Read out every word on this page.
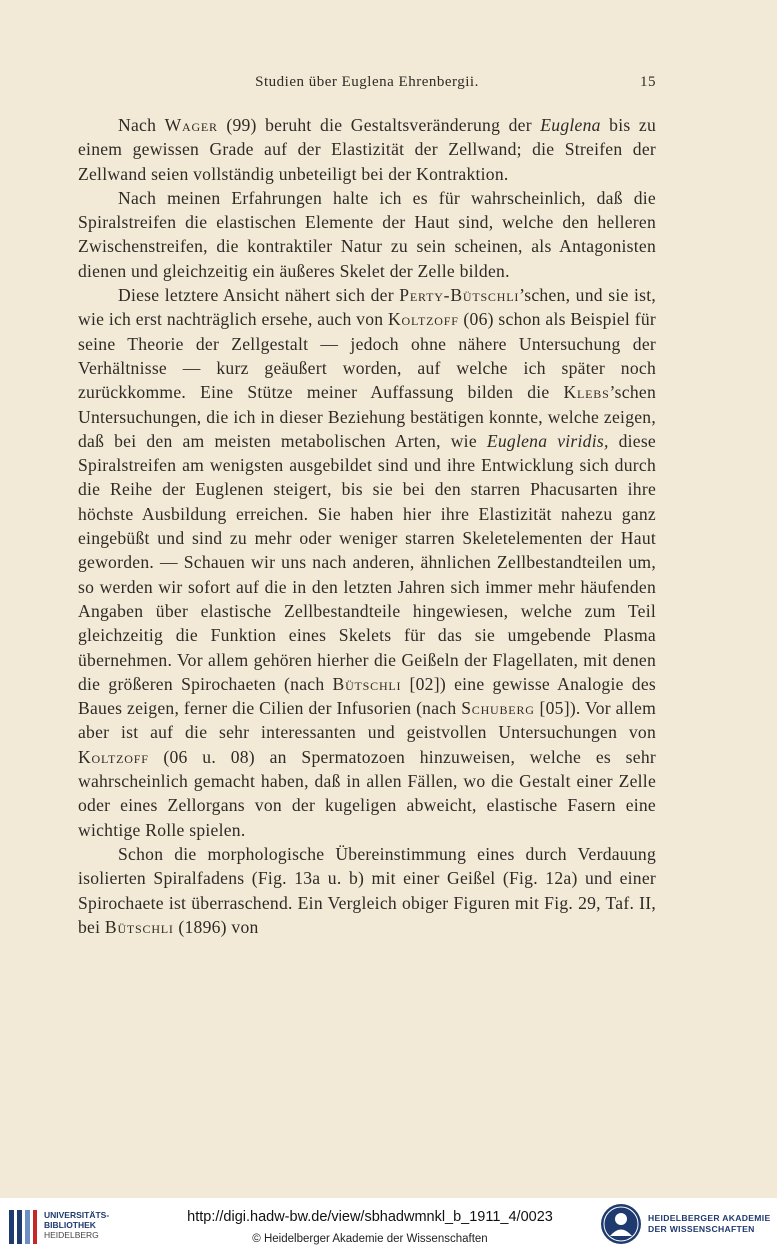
Studien über Euglena Ehrenbergii.	15

Nach Wager (99) beruht die Gestaltsveränderung der Euglena bis zu einem gewissen Grade auf der Elastizität der Zellwand; die Streifen der Zellwand seien vollständig unbeteiligt bei der Kontraktion.

Nach meinen Erfahrungen halte ich es für wahrscheinlich, daß die Spiralstreifen die elastischen Elemente der Haut sind, welche den helleren Zwischenstreifen, die kontraktiler Natur zu sein scheinen, als Antagonisten dienen und gleichzeitig ein äußeres Skelet der Zelle bilden.

Diese letztere Ansicht nähert sich der Perty-Bütschli’schen, und sie ist, wie ich erst nachträglich ersehe, auch von Koltzoff (06) schon als Beispiel für seine Theorie der Zellgestalt — jedoch ohne nähere Untersuchung der Verhältnisse — kurz geäußert worden, auf welche ich später noch zurückkomme. Eine Stütze meiner Auffassung bilden die Klebs’schen Untersuchungen, die ich in dieser Beziehung bestätigen konnte, welche zeigen, daß bei den am meisten metabolischen Arten, wie Euglena viridis, diese Spiralstreifen am wenigsten ausgebildet sind und ihre Entwicklung sich durch die Reihe der Euglenen steigert, bis sie bei den starren Phacusarten ihre höchste Ausbildung erreichen. Sie haben hier ihre Elastizität nahezu ganz eingebüßt und sind zu mehr oder weniger starren Skeletelementen der Haut geworden. — Schauen wir uns nach anderen, ähnlichen Zellbestandteilen um, so werden wir sofort auf die in den letzten Jahren sich immer mehr häufenden Angaben über elastische Zellbestandteile hingewiesen, welche zum Teil gleichzeitig die Funktion eines Skelets für das sie umgebende Plasma übernehmen. Vor allem gehören hierher die Geißeln der Flagellaten, mit denen die größeren Spirochaeten (nach Bütschli [02]) eine gewisse Analogie des Baues zeigen, ferner die Cilien der Infusorien (nach Schuberg [05]). Vor allem aber ist auf die sehr interessanten und geistvollen Untersuchungen von Koltzoff (06 u. 08) an Spermatozoen hinzuweisen, welche es sehr wahrscheinlich gemacht haben, daß in allen Fällen, wo die Gestalt einer Zelle oder eines Zellorgans von der kugeligen abweicht, elastische Fasern eine wichtige Rolle spielen.

Schon die morphologische Übereinstimmung eines durch Verdauung isolierten Spiralfadens (Fig. 13a u. b) mit einer Geißel (Fig. 12a) und einer Spirochaete ist überraschend. Ein Vergleich obiger Figuren mit Fig. 29, Taf. II, bei Bütschli (1896) von

UNIVERSITÄTS-
BIBLIOTHEK
HEIDELBERG
http://digi.hadw-bw.de/view/sbhadwmnkl_b_1911_4/0023
© Heidelberger Akademie der Wissenschaften
HEIDELBERGER AKADEMIE
DER WISSENSCHAFTEN
